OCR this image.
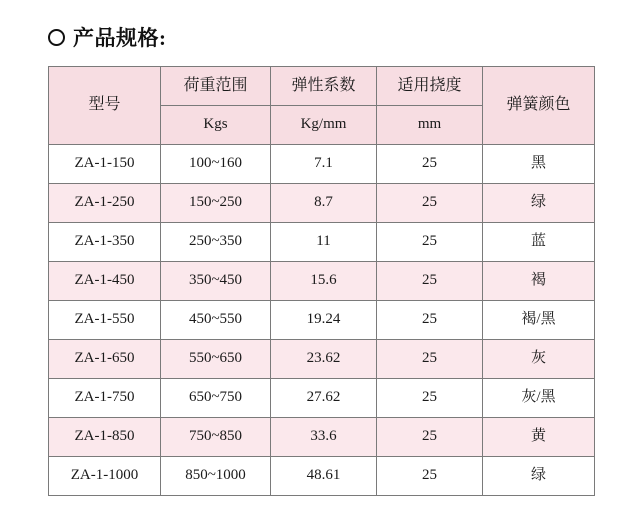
产品规格:
型号	荷重范围	弹性系数	适用挠度	弹簧颜色
	Kgs	Kg/mm	mm	
ZA-1-150	100~160	7.1	25	黑
ZA-1-250	150~250	8.7	25	绿
ZA-1-350	250~350	11	25	蓝
ZA-1-450	350~450	15.6	25	褐
ZA-1-550	450~550	19.24	25	褐/黑
ZA-1-650	550~650	23.62	25	灰
ZA-1-750	650~750	27.62	25	灰/黑
ZA-1-850	750~850	33.6	25	黄
ZA-1-1000	850~1000	48.61	25	绿
